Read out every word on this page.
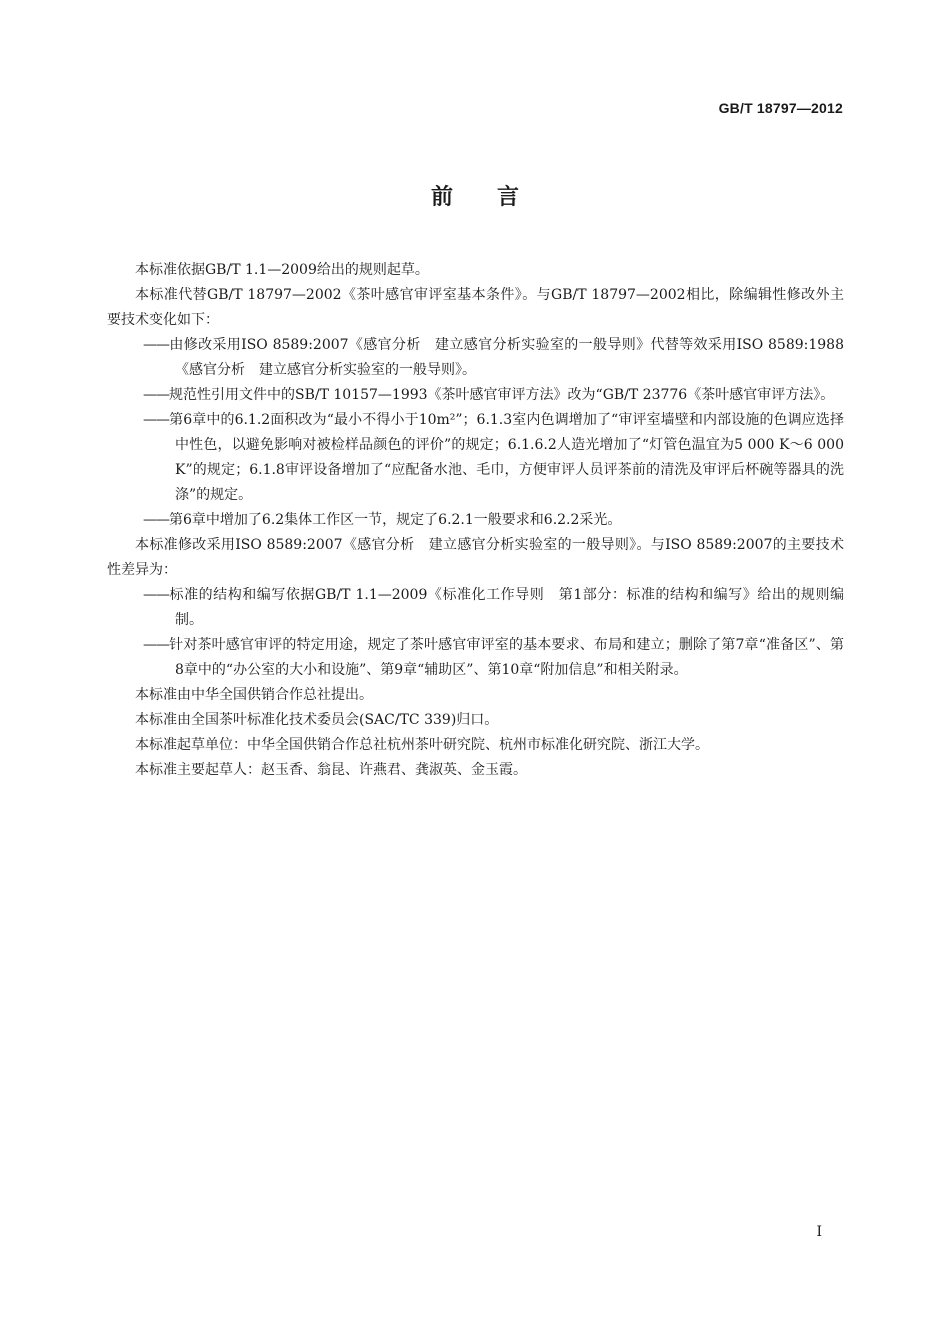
GB/T 18797—2012
前言

本标准依据GB/T 1.1—2009给出的规则起草。

本标准代替GB/T 18797—2002《茶叶感官审评室基本条件》。与GB/T 18797—2002相比，除编辑性修改外主要技术变化如下：

——由修改采用ISO 8589:2007《感官分析　建立感官分析实验室的一般导则》代替等效采用ISO 8589:1988《感官分析　建立感官分析实验室的一般导则》。

——规范性引用文件中的SB/T 10157—1993《茶叶感官审评方法》改为“GB/T 23776《茶叶感官审评方法》。

——第6章中的6.1.2面积改为“最小不得小于10m²”；6.1.3室内色调增加了“审评室墙壁和内部设施的色调应选择中性色，以避免影响对被检样品颜色的评价”的规定；6.1.6.2人造光增加了“灯管色温宜为5 000 K～6 000 K”的规定；6.1.8审评设备增加了“应配备水池、毛巾，方便审评人员评茶前的清洗及审评后杯碗等器具的洗涤”的规定。

——第6章中增加了6.2集体工作区一节，规定了6.2.1一般要求和6.2.2采光。

本标准修改采用ISO 8589:2007《感官分析　建立感官分析实验室的一般导则》。与ISO 8589:2007的主要技术性差异为：

——标准的结构和编写依据GB/T 1.1—2009《标准化工作导则　第1部分：标准的结构和编写》给出的规则编制。

——针对茶叶感官审评的特定用途，规定了茶叶感官审评室的基本要求、布局和建立；删除了第7章“准备区”、第8章中的“办公室的大小和设施”、第9章“辅助区”、第10章“附加信息”和相关附录。

本标准由中华全国供销合作总社提出。

本标准由全国茶叶标准化技术委员会(SAC/TC 339)归口。

本标准起草单位：中华全国供销合作总社杭州茶叶研究院、杭州市标准化研究院、浙江大学。

本标准主要起草人：赵玉香、翁昆、许燕君、龚淑英、金玉霞。

I
